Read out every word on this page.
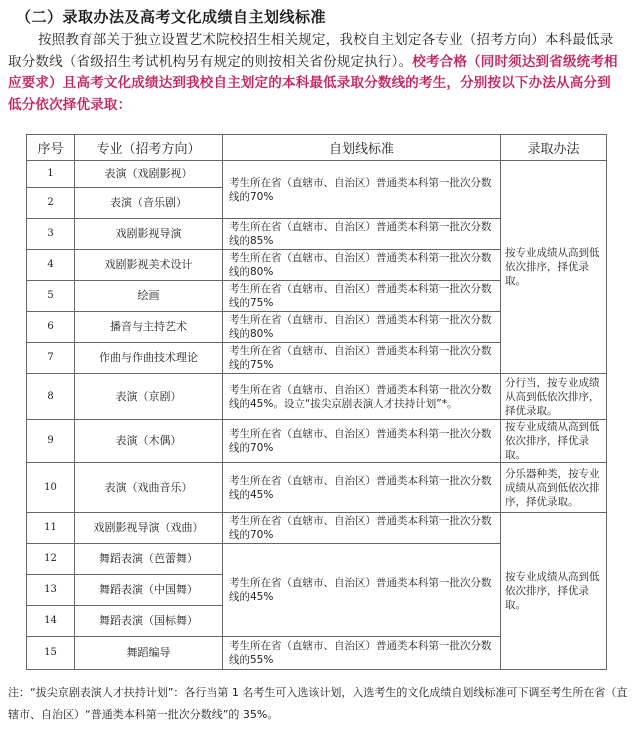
（二）录取办法及高考文化成绩自主划线标准
按照教育部关于独立设置艺术院校招生相关规定，我校自主划定各专业（招考方向）本科最低录取分数线（省级招生考试机构另有规定的则按相关省份规定执行）。校考合格（同时须达到省级统考相应要求）且高考文化成绩达到我校自主划定的本科最低录取分数线的考生，分别按以下办法从高分到低分依次择优录取：
序号	专业（招考方向）	自划线标准	录取办法
1	表演（戏剧影视）	考生所在省（直辖市、自治区）普通类本科第一批次分数线的70%	按专业成绩从高到低依次排序，择优录取。
2	表演（音乐剧）		
3	戏剧影视导演	考生所在省（直辖市、自治区）普通类本科第一批次分数线的85%	
4	戏剧影视美术设计	考生所在省（直辖市、自治区）普通类本科第一批次分数线的80%	
5	绘画	考生所在省（直辖市、自治区）普通类本科第一批次分数线的75%	
6	播音与主持艺术	考生所在省（直辖市、自治区）普通类本科第一批次分数线的80%	
7	作曲与作曲技术理论	考生所在省（直辖市、自治区）普通类本科第一批次分数线的75%	
8	表演（京剧）	考生所在省（直辖市、自治区）普通类本科第一批次分数线的45%。设立“拔尖京剧表演人才扶持计划”*。	分行当，按专业成绩从高到低依次排序，择优录取。
9	表演（木偶）	考生所在省（直辖市、自治区）普通类本科第一批次分数线的70%	按专业成绩从高到低依次排序，择优录取。
10	表演（戏曲音乐）	考生所在省（直辖市、自治区）普通类本科第一批次分数线的45%	分乐器种类，按专业成绩从高到低依次排序，择优录取。
11	戏剧影视导演（戏曲）	考生所在省（直辖市、自治区）普通类本科第一批次分数线的70%	按专业成绩从高到低依次排序，择优录取。
12	舞蹈表演（芭蕾舞）	考生所在省（直辖市、自治区）普通类本科第一批次分数线的45%	
13	舞蹈表演（中国舞）		
14	舞蹈表演（国标舞）		
15	舞蹈编导	考生所在省（直辖市、自治区）普通类本科第一批次分数线的55%	
注：“拔尖京剧表演人才扶持计划”：各行当第 1 名考生可入选该计划，入选考生的文化成绩自划线标准可下调至考生所在省（直辖市、自治区）“普通类本科第一批次分数线”的 35%。
